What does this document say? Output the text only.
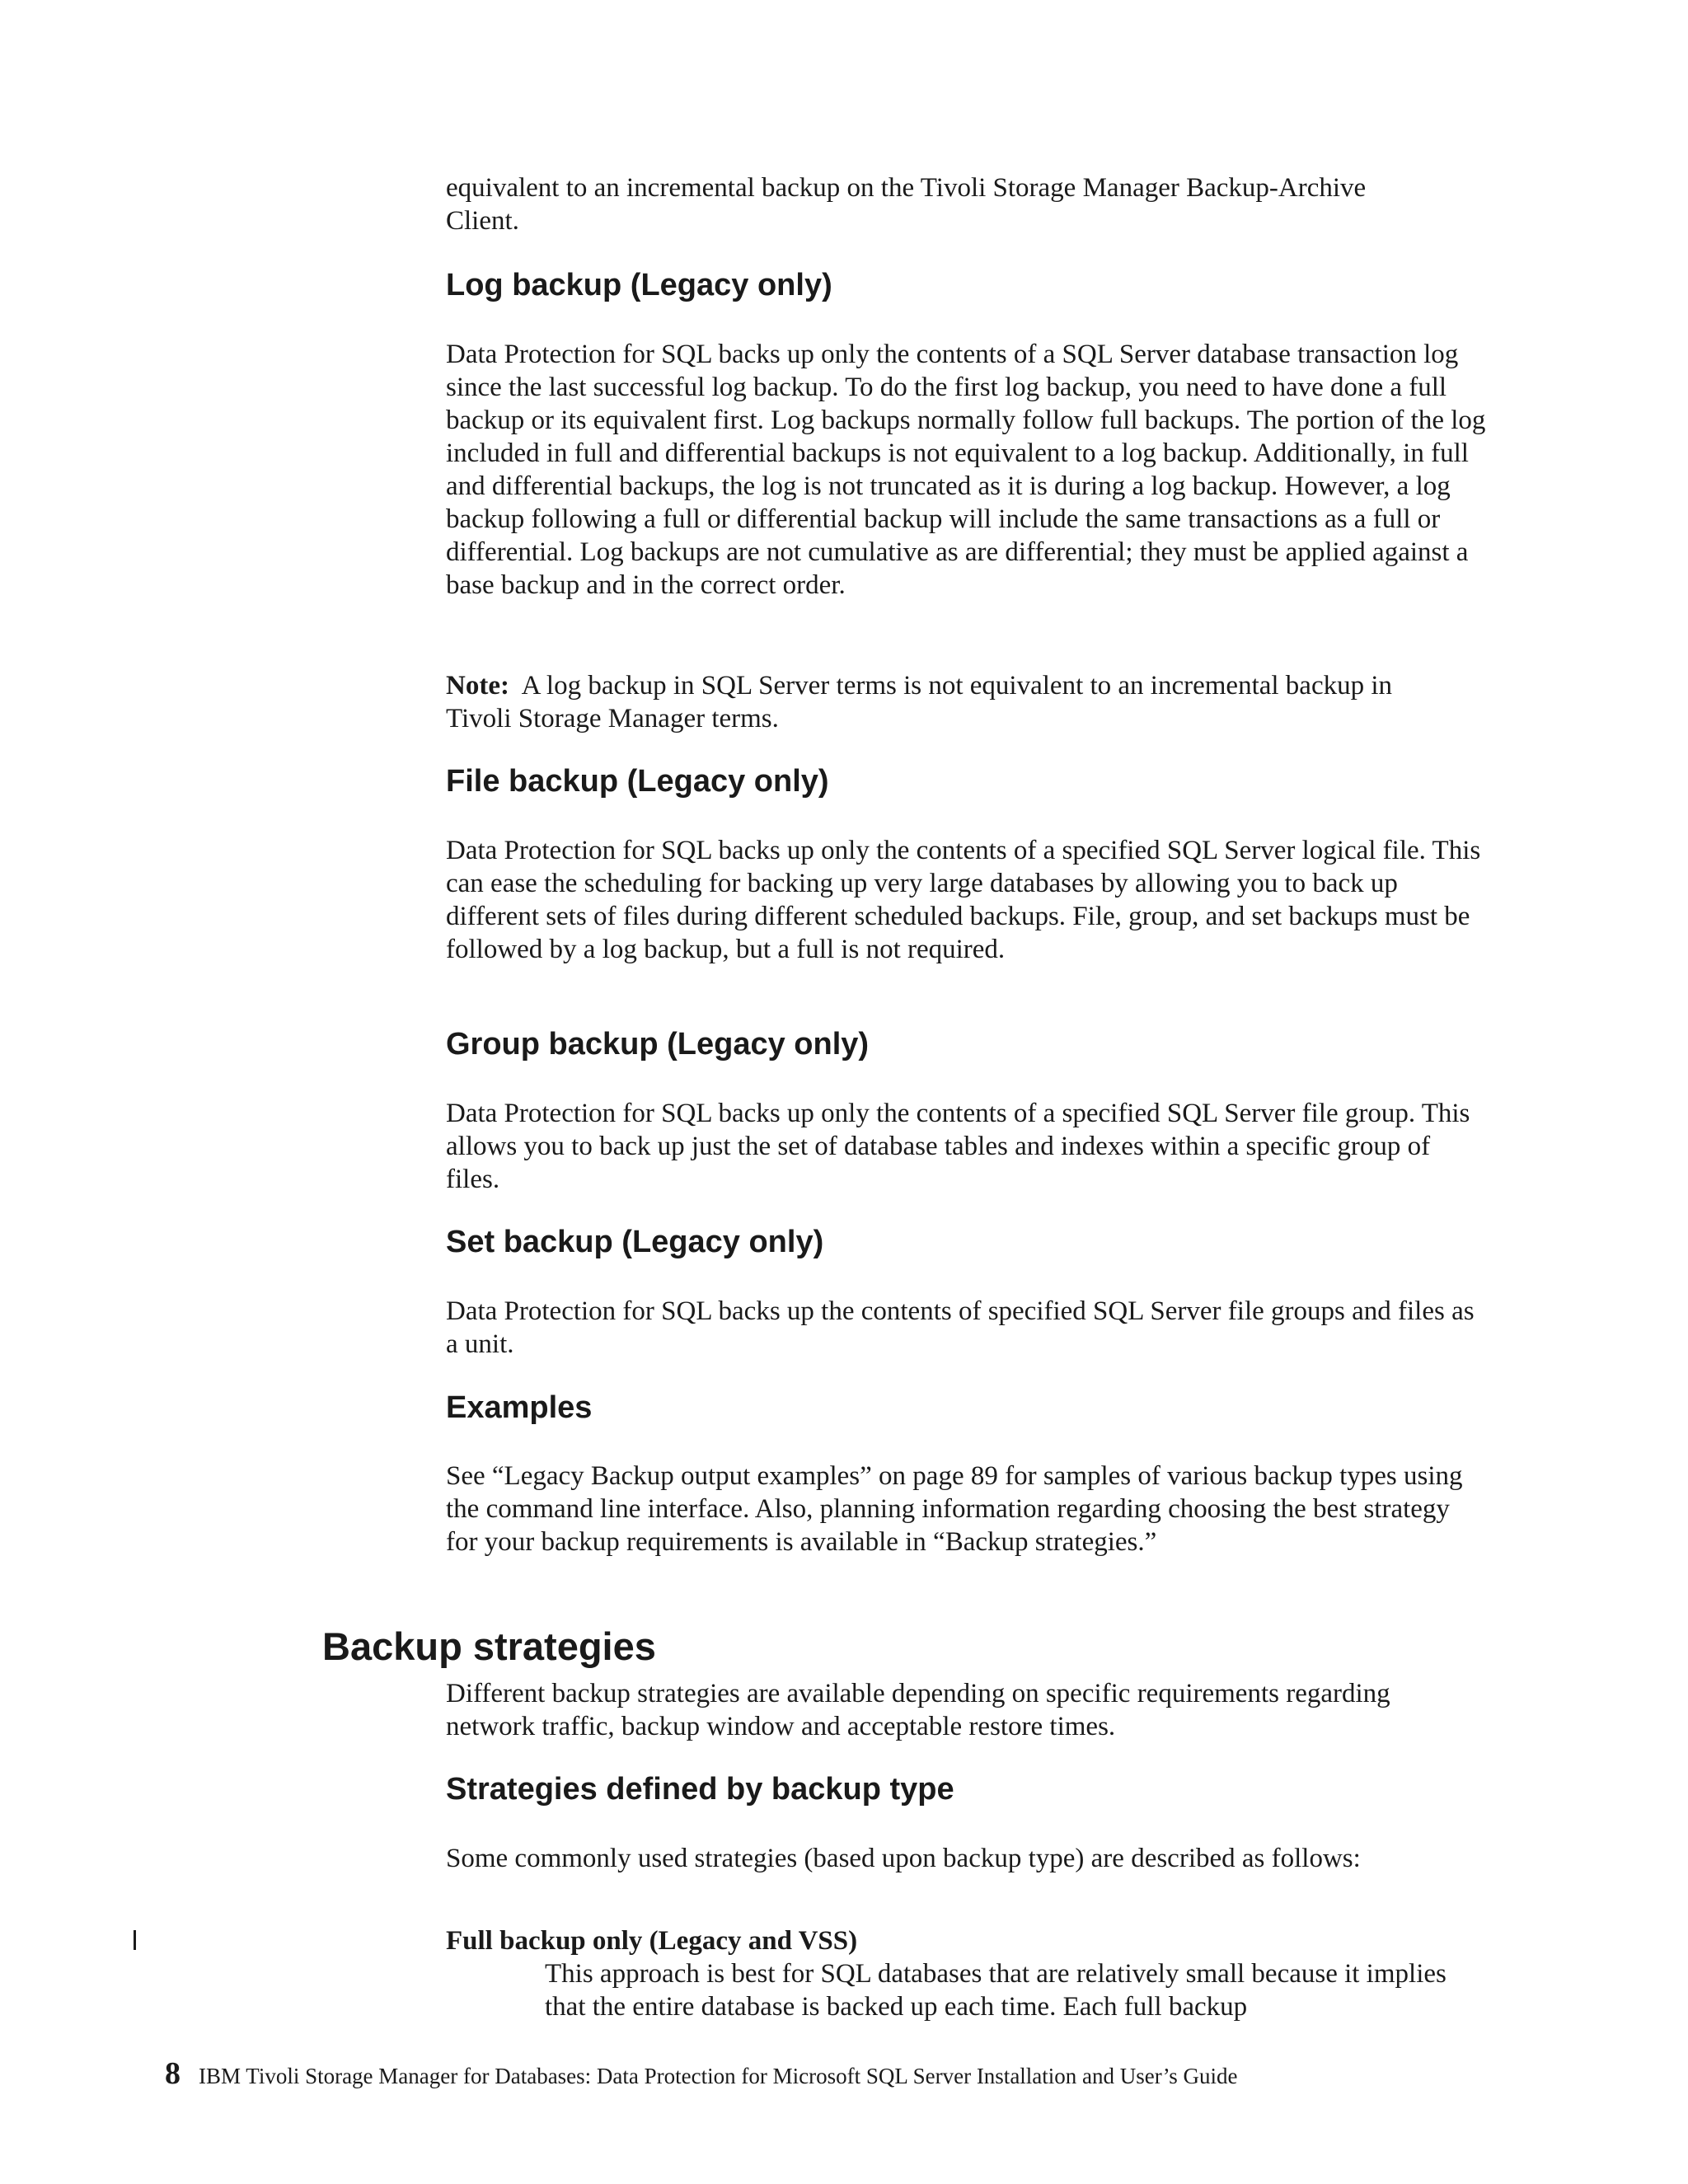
equivalent to an incremental backup on the Tivoli Storage Manager Backup-Archive Client.

Log backup (Legacy only)

Data Protection for SQL backs up only the contents of a SQL Server database transaction log since the last successful log backup. To do the first log backup, you need to have done a full backup or its equivalent first. Log backups normally follow full backups. The portion of the log included in full and differential backups is not equivalent to a log backup. Additionally, in full and differential backups, the log is not truncated as it is during a log backup. However, a log backup following a full or differential backup will include the same transactions as a full or differential. Log backups are not cumulative as are differential; they must be applied against a base backup and in the correct order.

Note: A log backup in SQL Server terms is not equivalent to an incremental backup in Tivoli Storage Manager terms.

File backup (Legacy only)

Data Protection for SQL backs up only the contents of a specified SQL Server logical file. This can ease the scheduling for backing up very large databases by allowing you to back up different sets of files during different scheduled backups. File, group, and set backups must be followed by a log backup, but a full is not required.

Group backup (Legacy only)

Data Protection for SQL backs up only the contents of a specified SQL Server file group. This allows you to back up just the set of database tables and indexes within a specific group of files.

Set backup (Legacy only)

Data Protection for SQL backs up the contents of specified SQL Server file groups and files as a unit.

Examples

See “Legacy Backup output examples” on page 89 for samples of various backup types using the command line interface. Also, planning information regarding choosing the best strategy for your backup requirements is available in “Backup strategies.”

Backup strategies

Different backup strategies are available depending on specific requirements regarding network traffic, backup window and acceptable restore times.

Strategies defined by backup type

Some commonly used strategies (based upon backup type) are described as follows:

Full backup only (Legacy and VSS)

This approach is best for SQL databases that are relatively small because it implies that the entire database is backed up each time. Each full backup

8 IBM Tivoli Storage Manager for Databases: Data Protection for Microsoft SQL Server Installation and User’s Guide
